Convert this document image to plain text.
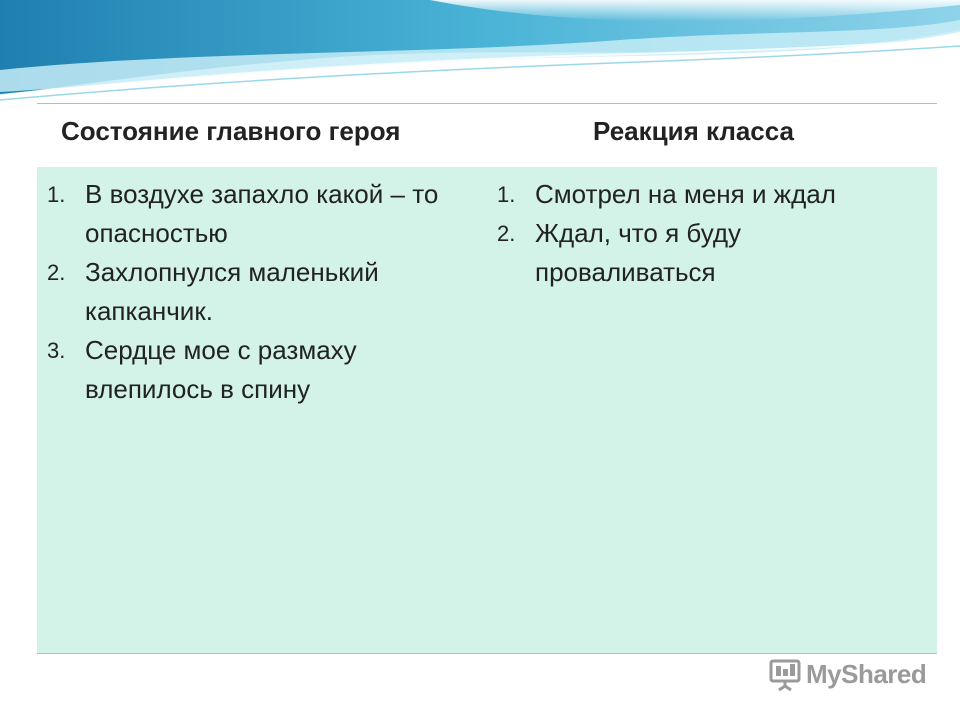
Состояние главного героя	Реакция класса
1. В воздухе запахло какой – то опасностью
2. Захлопнулся маленький капканчик.
3. Сердце мое с размаху влепилось в спину
1. Смотрел на меня и ждал
2. Ждал, что я буду проваливаться
MyShared
